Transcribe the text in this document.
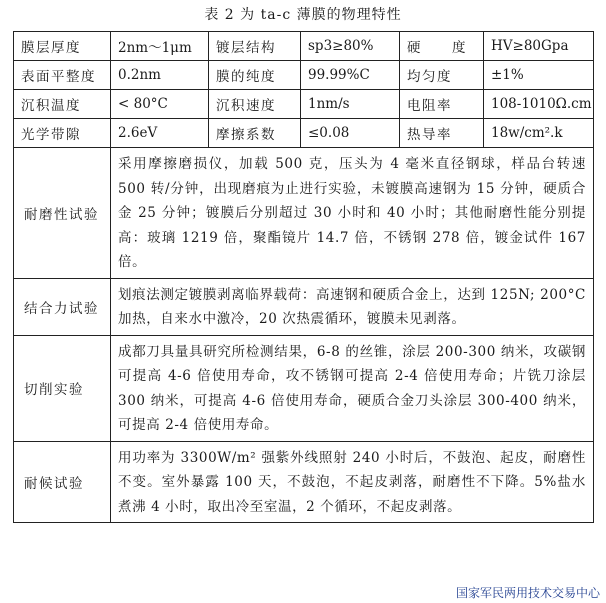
表 2 为 ta-c 薄膜的物理特性
膜层厚度	2nm～1μm	镀层结构	sp3≥80%	硬　　度	HV≥80Gpa
表面平整度	0.2nm	膜的纯度	99.99%C	均匀度	±1%
沉积温度	< 80°C	沉积速度	1nm/s	电阻率	108-1010Ω.cm
光学带隙	2.6eV	摩擦系数	≤0.08	热导率	18w/cm².k
耐磨性试验	采用摩擦磨损仪，加载 500 克，压头为 4 毫米直径钢球，样品台转速 500 转/分钟，出现磨痕为止进行实验，未镀膜高速钢为 15 分钟，硬质合金 25 分钟；镀膜后分别超过 30 小时和 40 小时；其他耐磨性能分别提高：玻璃 1219 倍，聚酯镜片 14.7 倍，不锈钢 278 倍，镀金试件 167 倍。				
结合力试验	划痕法测定镀膜剥离临界载荷：高速钢和硬质合金上，达到 125N; 200°C加热，自来水中激冷，20 次热震循环，镀膜未见剥落。				
切削实验	成都刀具量具研究所检测结果，6-8 的丝锥，涂层 200-300 纳米，攻碳钢可提高 4-6 倍使用寿命，攻不锈钢可提高 2-4 倍使用寿命；片铣刀涂层 300 纳米，可提高 4-6 倍使用寿命，硬质合金刀头涂层 300-400 纳米，可提高 2-4 倍使用寿命。				
耐候试验	用功率为 3300W/m² 强紫外线照射 240 小时后，不鼓泡、起皮，耐磨性不变。室外暴露 100 天，不鼓泡，不起皮剥落，耐磨性不下降。5%盐水煮沸 4 小时，取出冷至室温，2 个循环，不起皮剥落。				
国家军民两用技术交易中心
